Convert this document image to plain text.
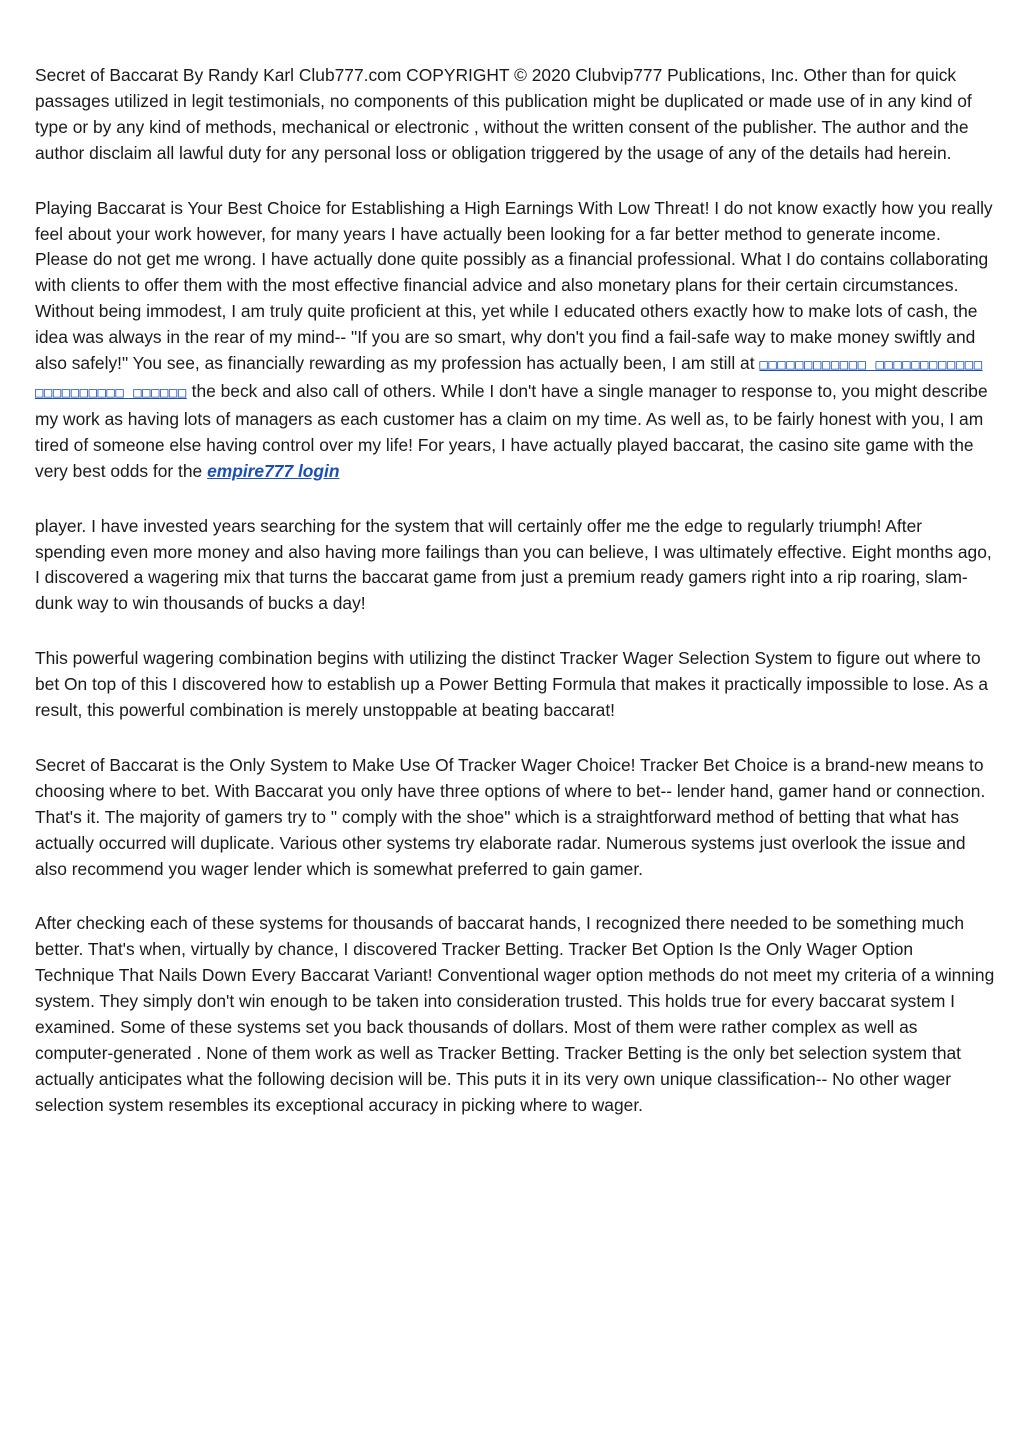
Secret of Baccarat By Randy Karl Club777.com COPYRIGHT © 2020 Clubvip777 Publications, Inc. Other than for quick passages utilized in legit testimonials, no components of this publication might be duplicated or made use of in any kind of type or by any kind of methods, mechanical or electronic , without the written consent of the publisher. The author and the author disclaim all lawful duty for any personal loss or obligation triggered by the usage of any of the details had herein.

Playing Baccarat is Your Best Choice for Establishing a High Earnings With Low Threat! I do not know exactly how you really feel about your work however, for many years I have actually been looking for a far better method to generate income. Please do not get me wrong. I have actually done quite possibly as a financial professional. What I do contains collaborating with clients to offer them with the most effective financial advice and also monetary plans for their certain circumstances. Without being immodest, I am truly quite proficient at this, yet while I educated others exactly how to make lots of cash, the idea was always in the rear of my mind-- "If you are so smart, why don't you find a fail-safe way to make money swiftly and also safely!" You see, as financially rewarding as my profession has actually been, I am still at □□□□□□□□□□□□ □□□□□□□□□□□□ □□□□□□□□□□ □□□□□□ the beck and also call of others. While I don't have a single manager to response to, you might describe my work as having lots of managers as each customer has a claim on my time. As well as, to be fairly honest with you, I am tired of someone else having control over my life! For years, I have actually played baccarat, the casino site game with the very best odds for the empire777 login

player. I have invested years searching for the system that will certainly offer me the edge to regularly triumph! After spending even more money and also having more failings than you can believe, I was ultimately effective. Eight months ago, I discovered a wagering mix that turns the baccarat game from just a premium ready gamers right into a rip roaring, slam-dunk way to win thousands of bucks a day!

This powerful wagering combination begins with utilizing the distinct Tracker Wager Selection System to figure out where to bet On top of this I discovered how to establish up a Power Betting Formula that makes it practically impossible to lose. As a result, this powerful combination is merely unstoppable at beating baccarat!

Secret of Baccarat is the Only System to Make Use Of Tracker Wager Choice! Tracker Bet Choice is a brand-new means to choosing where to bet. With Baccarat you only have three options of where to bet-- lender hand, gamer hand or connection. That's it. The majority of gamers try to " comply with the shoe" which is a straightforward method of betting that what has actually occurred will duplicate. Various other systems try elaborate radar. Numerous systems just overlook the issue and also recommend you wager lender which is somewhat preferred to gain gamer.

After checking each of these systems for thousands of baccarat hands, I recognized there needed to be something much better. That's when, virtually by chance, I discovered Tracker Betting. Tracker Bet Option Is the Only Wager Option Technique That Nails Down Every Baccarat Variant! Conventional wager option methods do not meet my criteria of a winning system. They simply don't win enough to be taken into consideration trusted. This holds true for every baccarat system I examined. Some of these systems set you back thousands of dollars. Most of them were rather complex as well as computer-generated . None of them work as well as Tracker Betting. Tracker Betting is the only bet selection system that actually anticipates what the following decision will be. This puts it in its very own unique classification-- No other wager selection system resembles its exceptional accuracy in picking where to wager.
